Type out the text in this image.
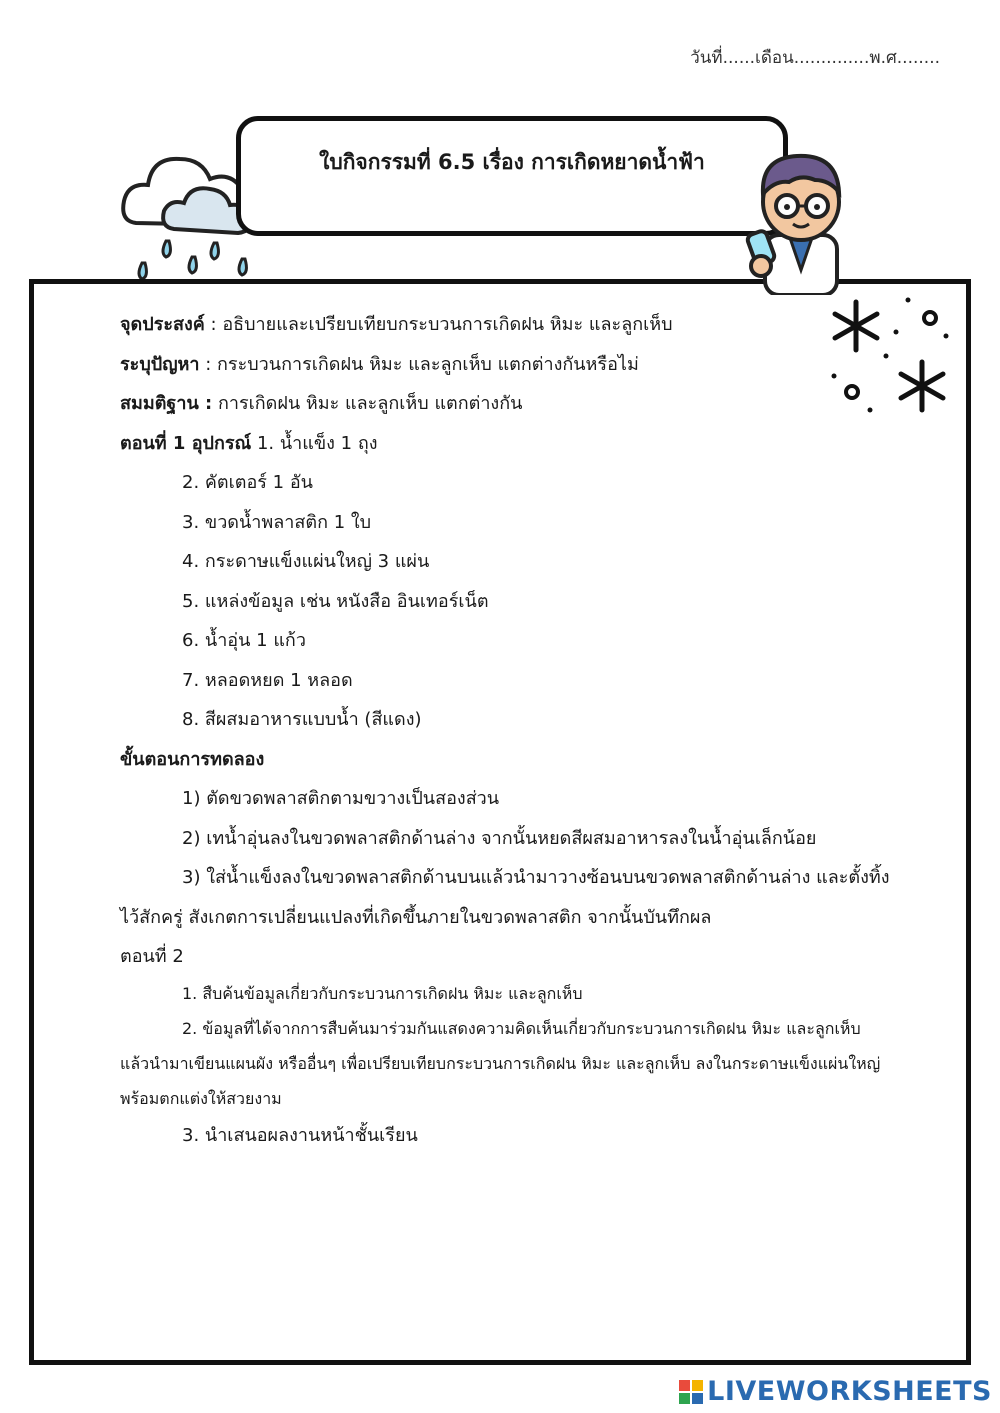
วันที่......เดือน..............พ.ศ........
ใบกิจกรรมที่ 6.5 เรื่อง การเกิดหยาดน้ำฟ้า
จุดประสงค์ : อธิบายและเปรียบเทียบกระบวนการเกิดฝน หิมะ และลูกเห็บ
ระบุปัญหา : กระบวนการเกิดฝน หิมะ และลูกเห็บ แตกต่างกันหรือไม่
สมมติฐาน : การเกิดฝน หิมะ และลูกเห็บ แตกต่างกัน
ตอนที่ 1 อุปกรณ์ 1. น้ำแข็ง 1 ถุง
2. คัตเตอร์ 1 อัน
3. ขวดน้ำพลาสติก 1 ใบ
4. กระดาษแข็งแผ่นใหญ่ 3 แผ่น
5. แหล่งข้อมูล เช่น หนังสือ อินเทอร์เน็ต
6. น้ำอุ่น 1 แก้ว
7. หลอดหยด 1 หลอด
8. สีผสมอาหารแบบน้ำ (สีแดง)
ขั้นตอนการทดลอง
1) ตัดขวดพลาสติกตามขวางเป็นสองส่วน
2) เทน้ำอุ่นลงในขวดพลาสติกด้านล่าง จากนั้นหยดสีผสมอาหารลงในน้ำอุ่นเล็กน้อย
3) ใส่น้ำแข็งลงในขวดพลาสติกด้านบนแล้วนำมาวางซ้อนบนขวดพลาสติกด้านล่าง และตั้งทิ้งไว้สักครู่ สังเกตการเปลี่ยนแปลงที่เกิดขึ้นภายในขวดพลาสติก จากนั้นบันทึกผล
ตอนที่ 2
1. สืบค้นข้อมูลเกี่ยวกับกระบวนการเกิดฝน หิมะ และลูกเห็บ
2. ข้อมูลที่ได้จากการสืบค้นมาร่วมกันแสดงความคิดเห็นเกี่ยวกับกระบวนการเกิดฝน หิมะ และลูกเห็บ แล้วนำมาเขียนแผนผัง หรืออื่นๆ เพื่อเปรียบเทียบกระบวนการเกิดฝน หิมะ และลูกเห็บ ลงในกระดาษแข็งแผ่นใหญ่ พร้อมตกแต่งให้สวยงาม
3. นำเสนอผลงานหน้าชั้นเรียน
LIVEWORKSHEETS
